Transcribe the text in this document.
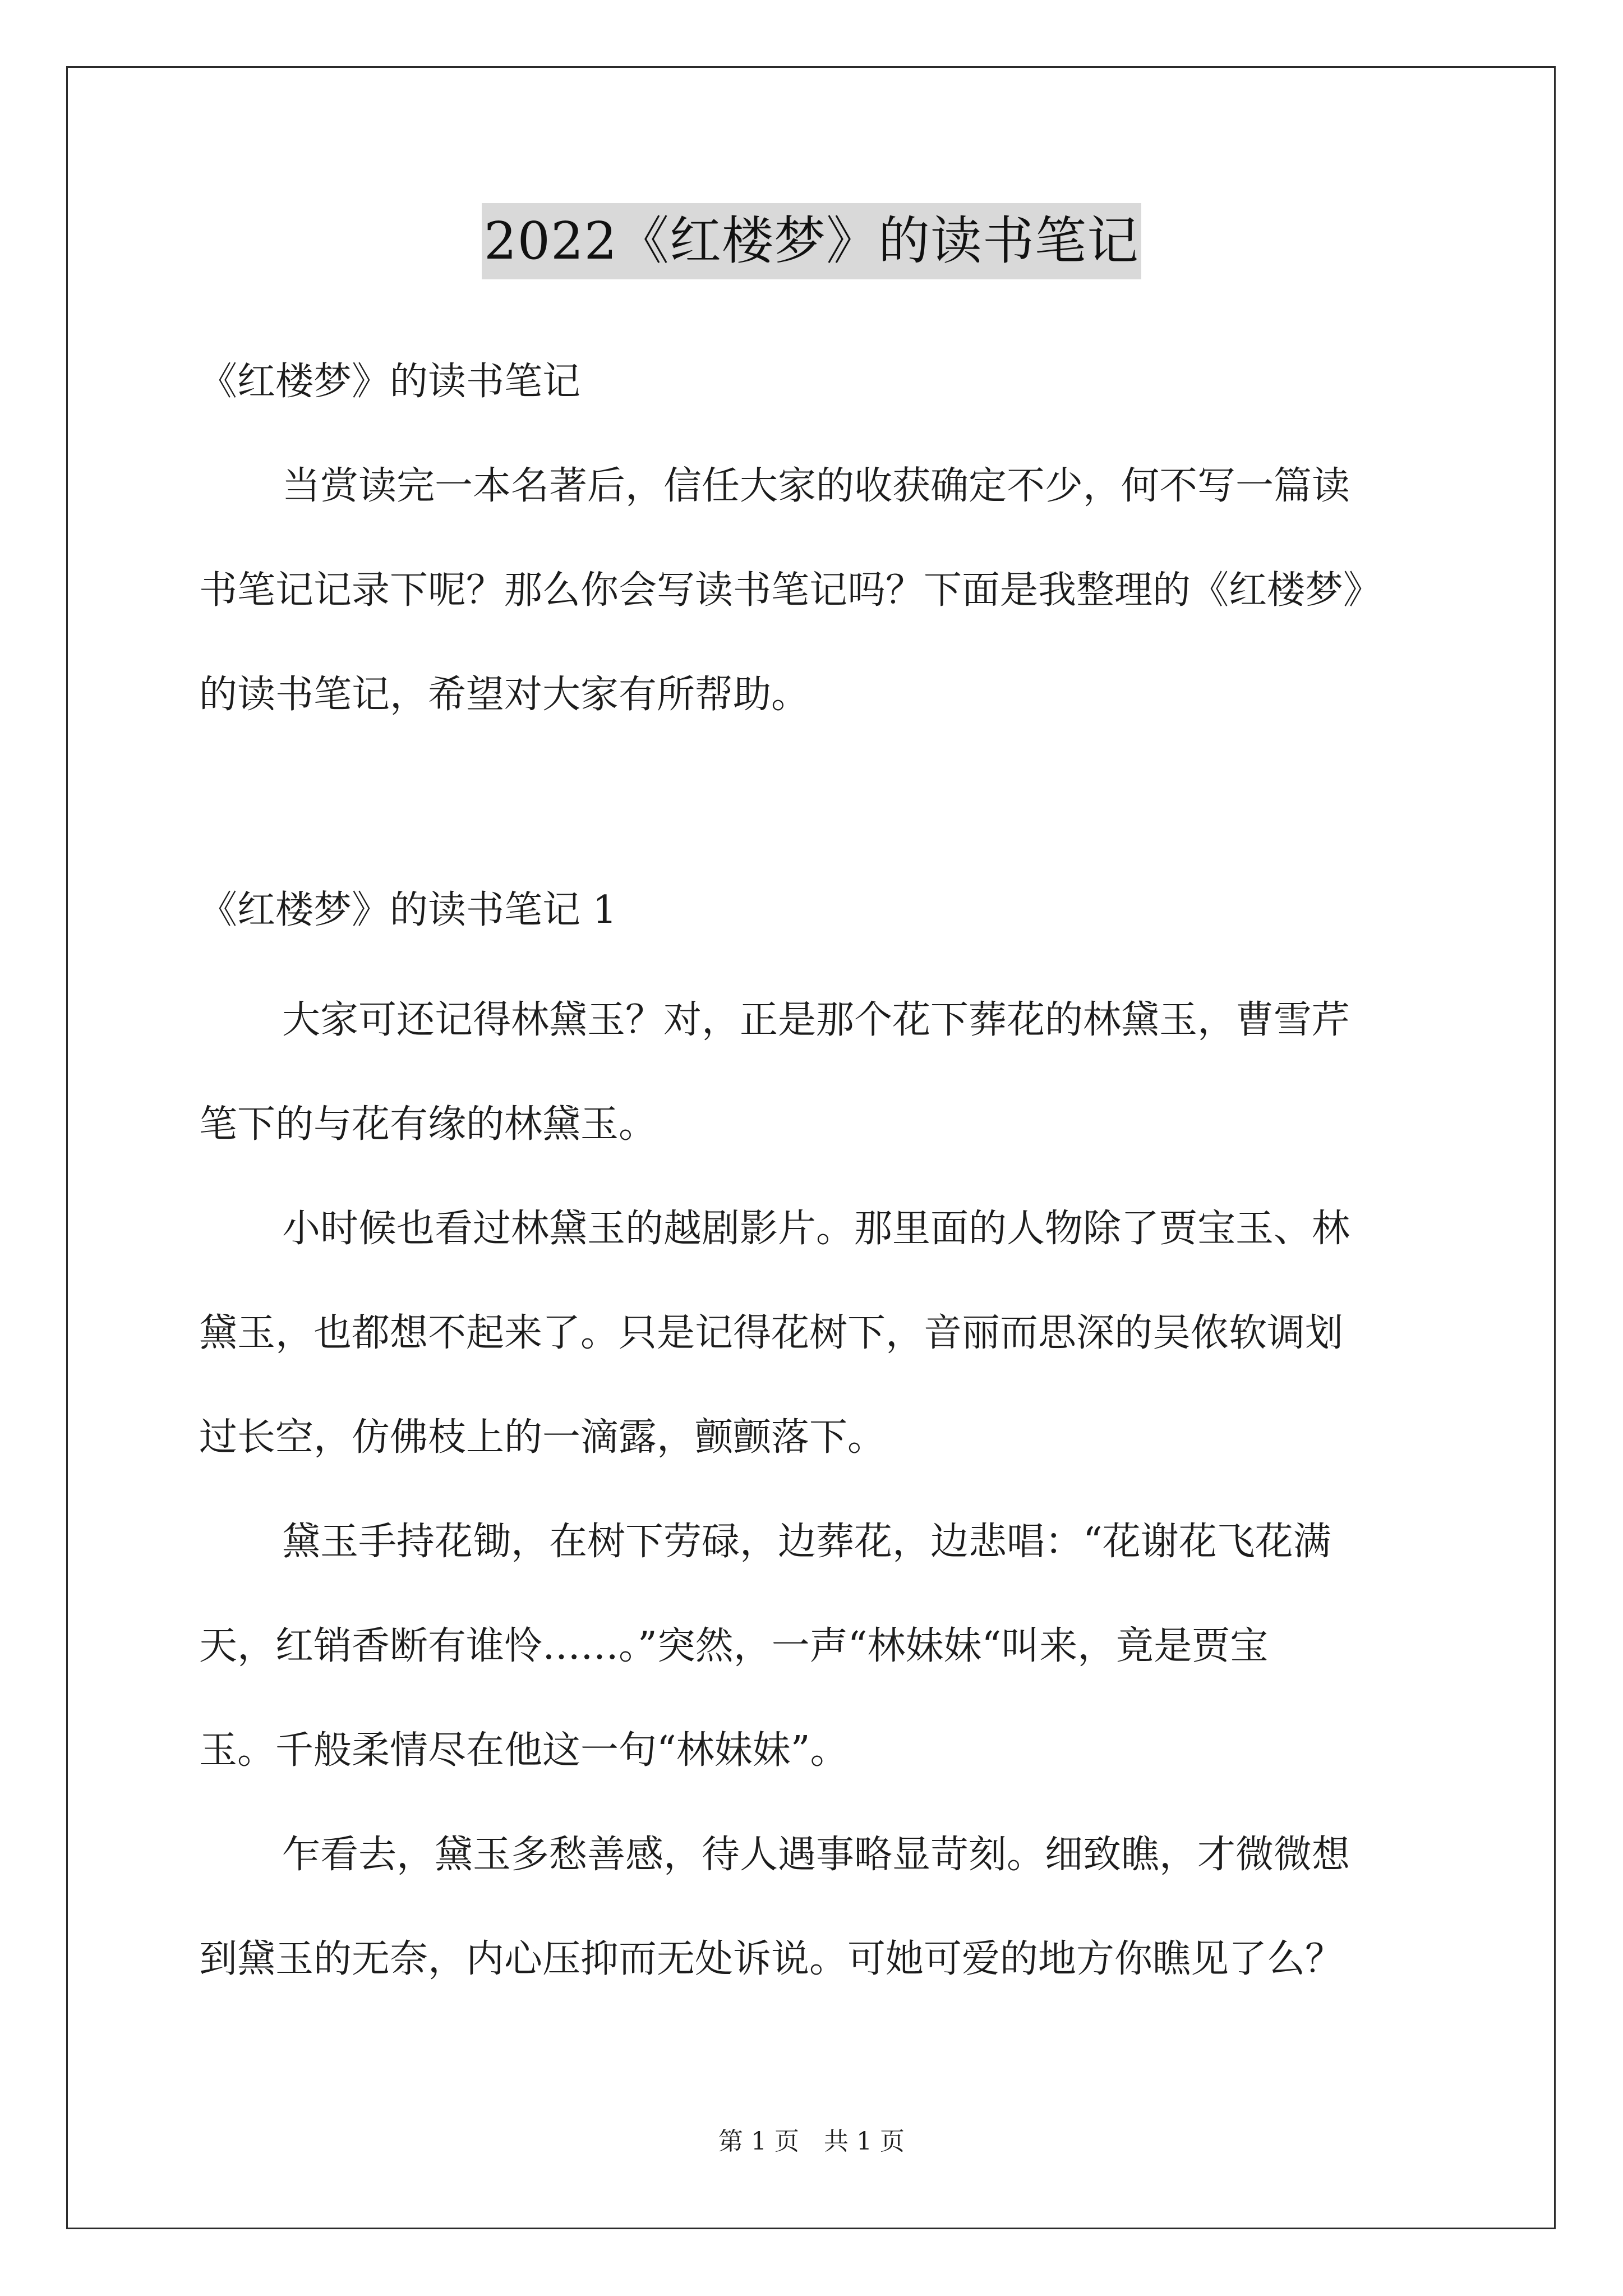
2022《红楼梦》的读书笔记
《红楼梦》的读书笔记
当赏读完一本名著后，信任大家的收获确定不少，何不写一篇读
书笔记记录下呢？那么你会写读书笔记吗？下面是我整理的《红楼梦》
的读书笔记，希望对大家有所帮助。
《红楼梦》的读书笔记 1
大家可还记得林黛玉？对，正是那个花下葬花的林黛玉，曹雪芹
笔下的与花有缘的林黛玉。
小时候也看过林黛玉的越剧影片。那里面的人物除了贾宝玉、林
黛玉，也都想不起来了。只是记得花树下，音丽而思深的吴侬软调划
过长空，仿佛枝上的一滴露，颤颤落下。
黛玉手持花锄，在树下劳碌，边葬花，边悲唱：“花谢花飞花满
天，红销香断有谁怜……。”突然，一声“林妹妹“叫来，竟是贾宝
玉。千般柔情尽在他这一句“林妹妹”。
乍看去，黛玉多愁善感，待人遇事略显苛刻。细致瞧，才微微想
到黛玉的无奈，内心压抑而无处诉说。可她可爱的地方你瞧见了么？
第 1 页　共 1 页
